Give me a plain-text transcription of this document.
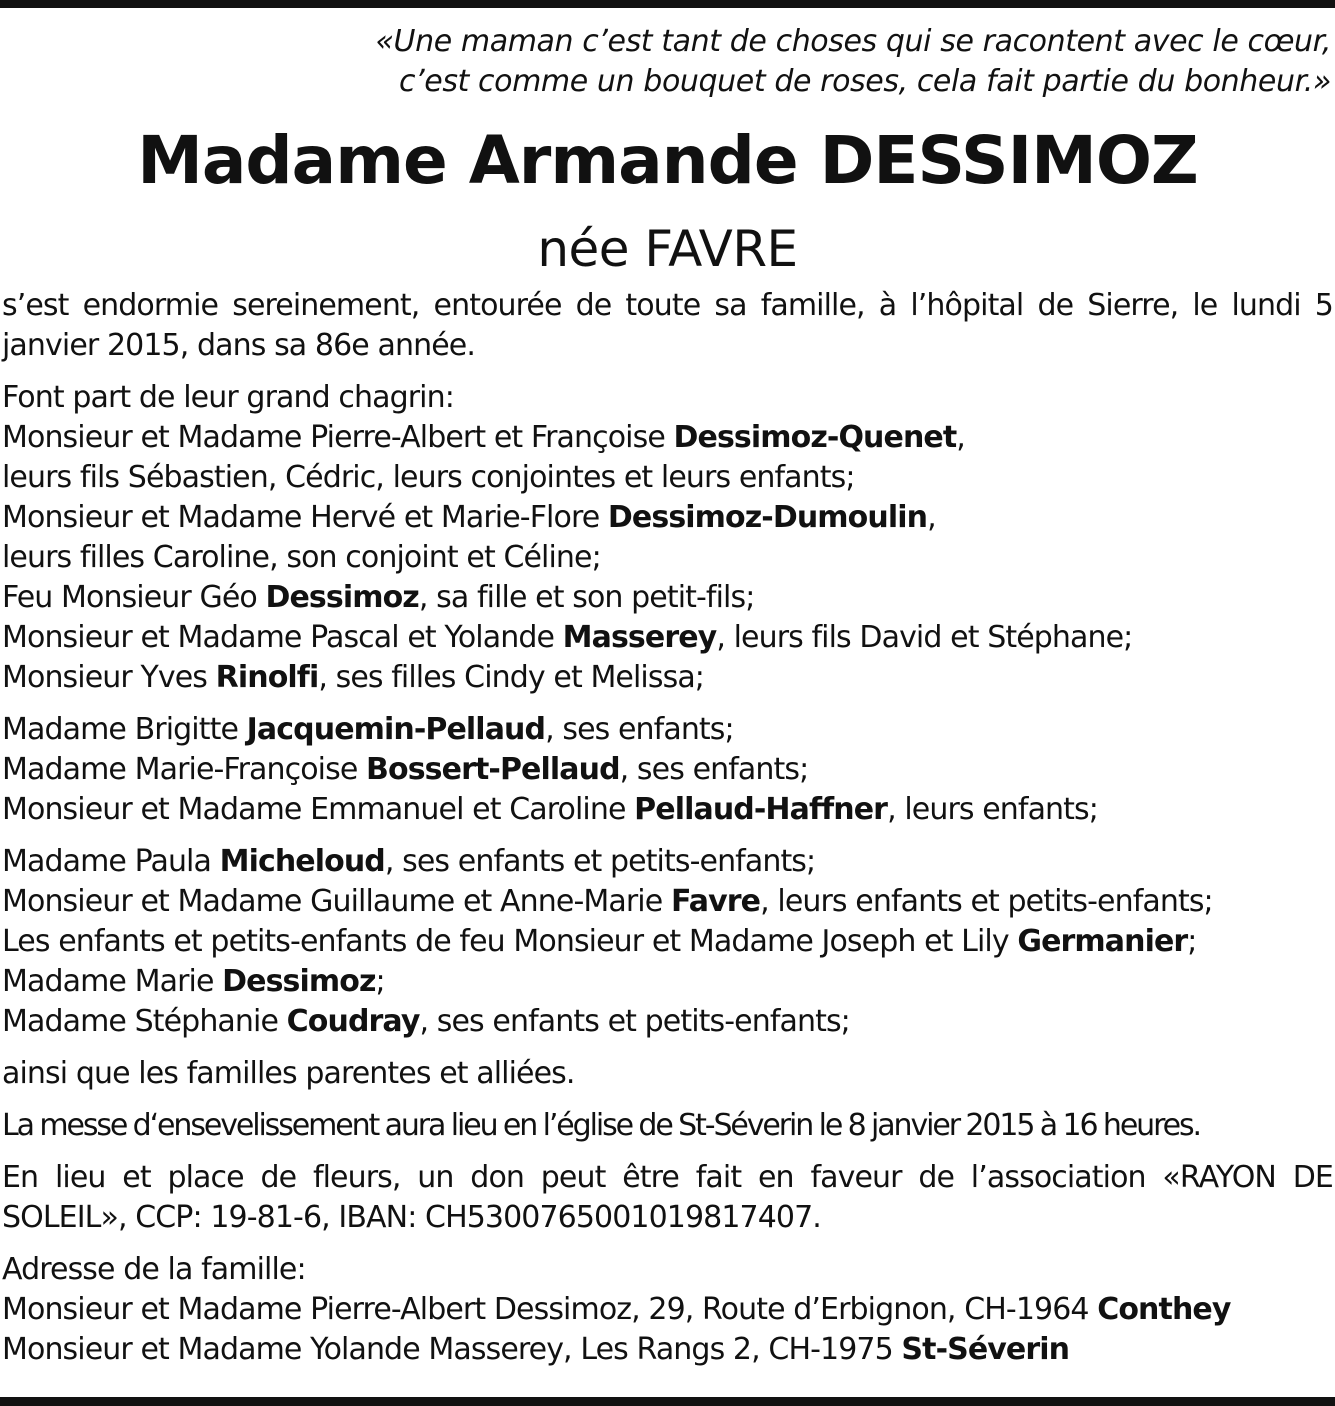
«Une maman c’est tant de choses qui se racontent avec le cœur,
c’est comme un bouquet de roses, cela fait partie du bonheur.»
Madame Armande DESSIMOZ
née FAVRE

s’est endormie sereinement, entourée de toute sa famille, à l’hôpital de Sierre, le lundi 5 janvier 2015, dans sa 86e année.

Font part de leur grand chagrin:
Monsieur et Madame Pierre-Albert et Françoise Dessimoz-Quenet,
leurs fils Sébastien, Cédric, leurs conjointes et leurs enfants;
Monsieur et Madame Hervé et Marie-Flore Dessimoz-Dumoulin,
leurs filles Caroline, son conjoint et Céline;
Feu Monsieur Géo Dessimoz, sa fille et son petit-fils;
Monsieur et Madame Pascal et Yolande Masserey, leurs fils David et Stéphane;
Monsieur Yves Rinolfi, ses filles Cindy et Melissa;
Madame Brigitte Jacquemin-Pellaud, ses enfants;
Madame Marie-Françoise Bossert-Pellaud, ses enfants;
Monsieur et Madame Emmanuel et Caroline Pellaud-Haffner, leurs enfants;
Madame Paula Micheloud, ses enfants et petits-enfants;
Monsieur et Madame Guillaume et Anne-Marie Favre, leurs enfants et petits-enfants;
Les enfants et petits-enfants de feu Monsieur et Madame Joseph et Lily Germanier;
Madame Marie Dessimoz;
Madame Stéphanie Coudray, ses enfants et petits-enfants;

ainsi que les familles parentes et alliées.

La messe d‘ensevelissement aura lieu en l’église de St-Séverin le 8 janvier 2015 à 16 heures.

En lieu et place de fleurs, un don peut être fait en faveur de l’association «RAYON DE SOLEIL», CCP: 19-81-6, IBAN: CH5300765001019817407.

Adresse de la famille:
Monsieur et Madame Pierre-Albert Dessimoz, 29, Route d’Erbignon, CH-1964 Conthey
Monsieur et Madame Yolande Masserey, Les Rangs 2, CH-1975 St-Séverin
